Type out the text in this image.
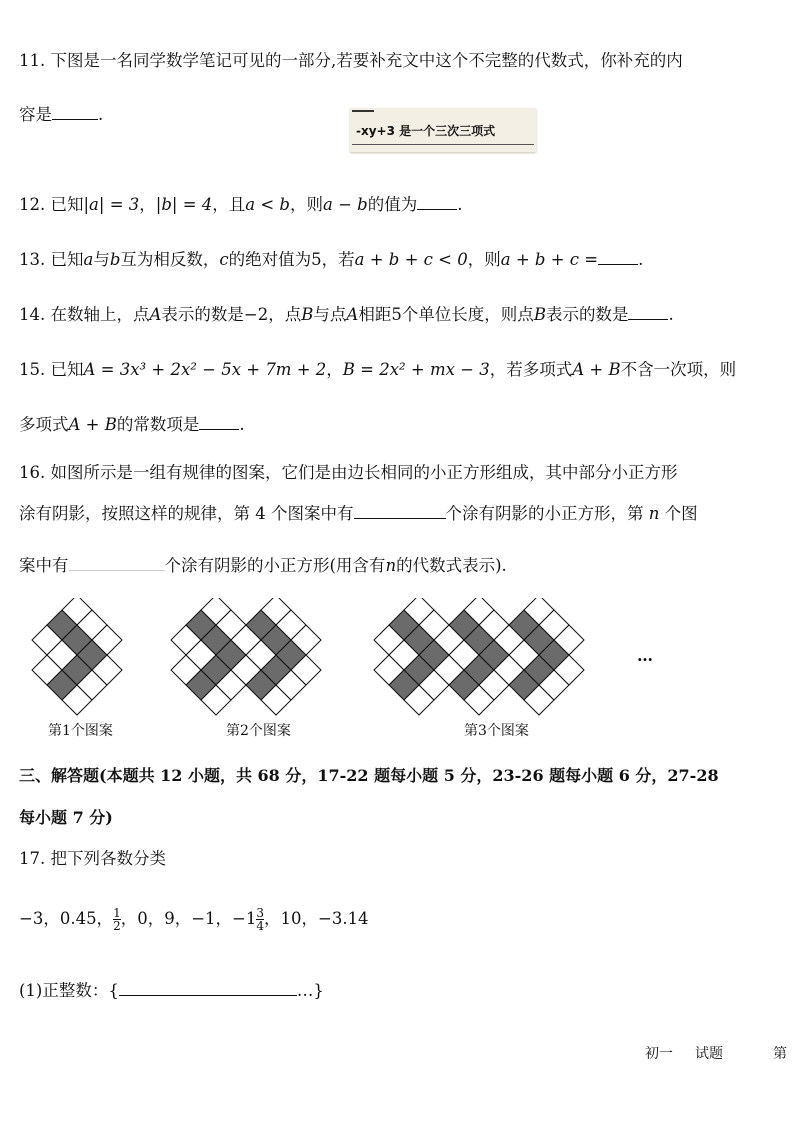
11. 下图是一名同学数学笔记可见的一部分,若要补充文中这个不完整的代数式，你补充的内
容是	.
-xy+3 是一个三次三项式
12. 已知|a| = 3，|b| = 4，且a < b，则a − b的值为 .
13. 已知a与b互为相反数，c的绝对值为5，若a + b + c < 0，则a + b + c = .
14. 在数轴上，点A表示的数是−2，点B与点A相距5个单位长度，则点B表示的数是 .
15. 已知A = 3x³ + 2x² − 5x + 7m + 2，B = 2x² + mx − 3，若多项式A + B不含一次项，则
多项式A + B的常数项是 .
16. 如图所示是一组有规律的图案，它们是由边长相同的小正方形组成，其中部分小正方形
涂有阴影，按照这样的规律，第 4 个图案中有	个涂有阴影的小正方形，第 n 个图
案中有	个涂有阴影的小正方形(用含有n的代数式表示).
第1个图案	第2个图案	第3个图案
…
三、解答题(本题共 12 小题，共 68 分，17-22 题每小题 5 分，23-26 题每小题 6 分，27-28
每小题 7 分)
17. 把下列各数分类
−3，0.45， $\frac{1}{2}$ ，0，9，−1，$-1 \frac{3}{4}$ ，10，−3.14
(1)正整数：{	…}
初一 试题	第
